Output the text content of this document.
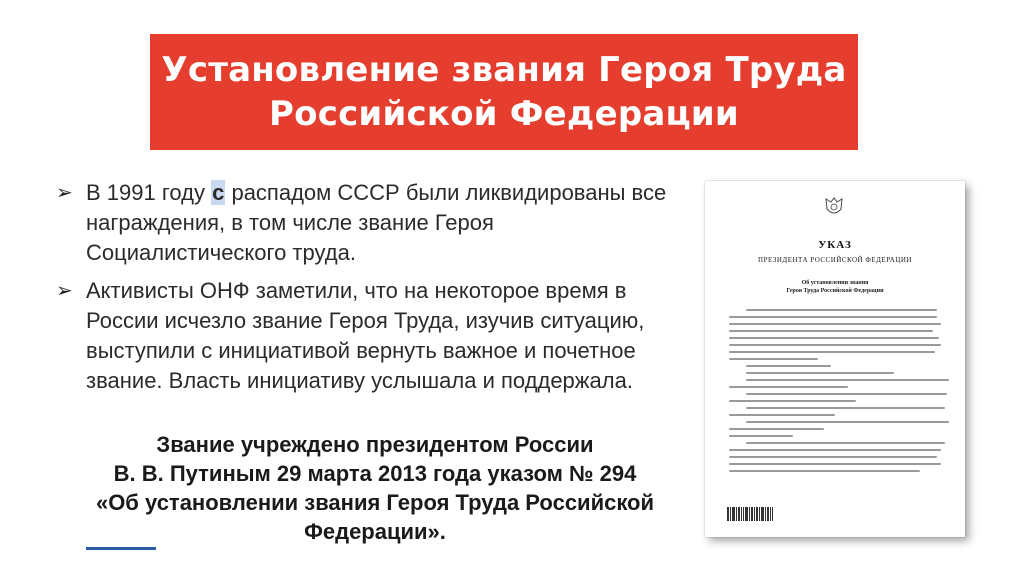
Установление звания Героя Труда
Российской Федерации
➢ В 1991 году с распадом СССР были ликвидированы все награждения, в том числе звание Героя Социалистического труда.
➢ Активисты ОНФ заметили, что на некоторое время в России исчезло звание Героя Труда, изучив ситуацию, выступили с инициативой вернуть важное и почетное звание. Власть инициативу услышала и поддержала.
Звание учреждено президентом России
В. В. Путиным 29 марта 2013 года указом № 294
«Об установлении звания Героя Труда Российской
Федерации».
УКАЗ
ПРЕЗИДЕНТА РОССИЙСКОЙ ФЕДЕРАЦИИ
Об установлении звания
Героя Труда Российской Федерации
